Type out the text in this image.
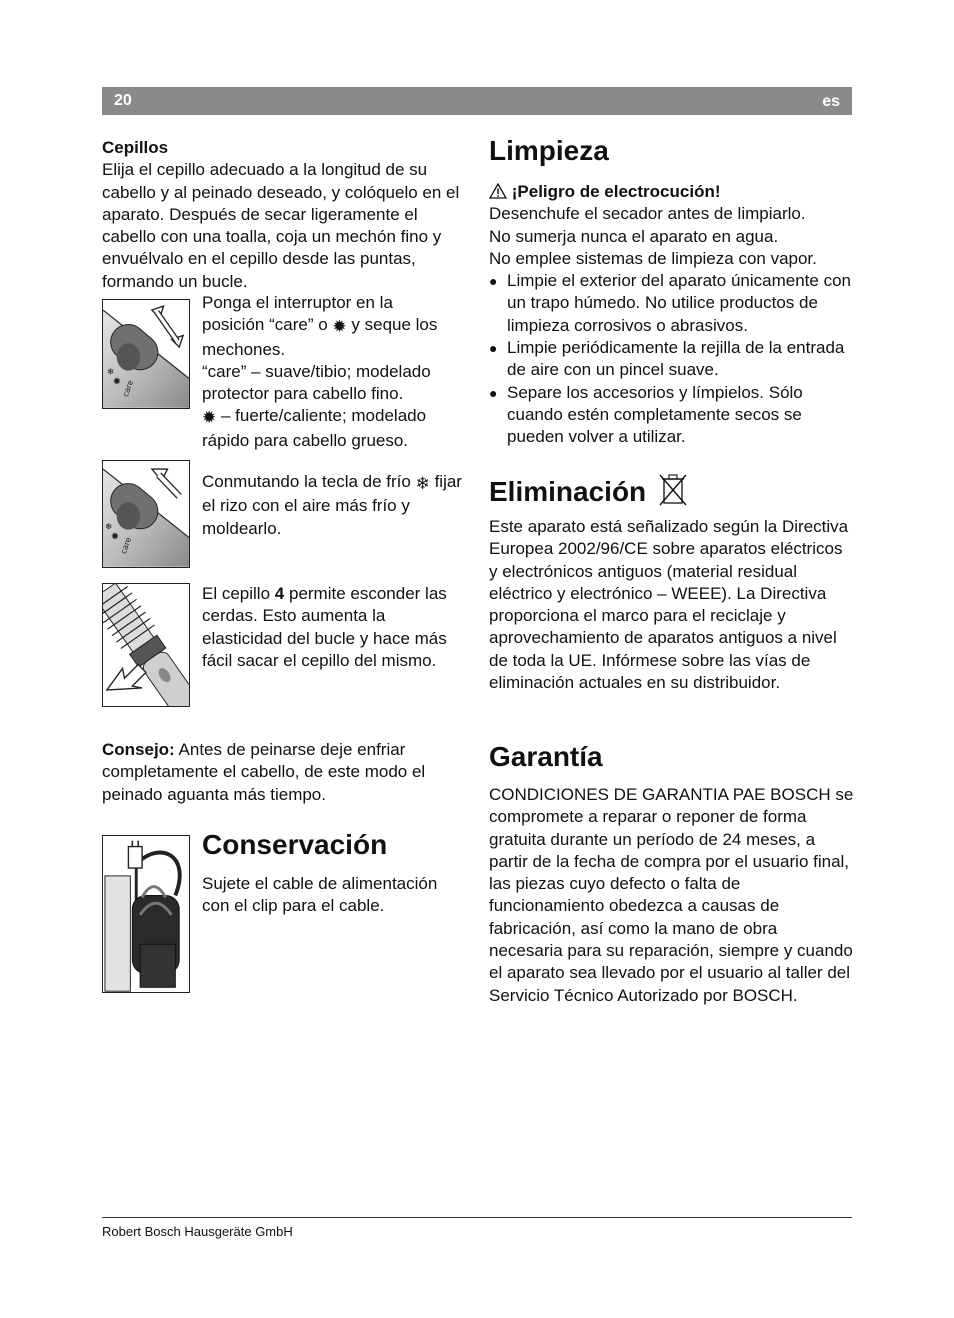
20	es
Cepillos
Elija el cepillo adecuado a la longitud de su cabello y al peinado deseado, y colóquelo en el aparato. Después de secar ligeramente el cabello con una toalla, coja un mechón fino y envuélvalo en el cepillo desde las puntas, formando un bucle.
❄
✹ care
Ponga el interruptor en la
posición “care” o ✹ y seque los
mechones.
“care” – suave/tibio; modelado protector para cabello fino.
✹ – fuerte/caliente; modelado rápido para cabello grueso.
❄
✹ care
Conmutando la tecla de frío ❄ fijar el rizo con el aire más frío y moldearlo.
El cepillo 4 permite esconder las cerdas. Esto aumenta la elasticidad del bucle y hace más fácil sacar el cepillo del mismo.
Consejo: Antes de peinarse deje enfriar completamente el cabello, de este modo el peinado aguanta más tiempo.
Conservación
Sujete el cable de alimentación con el clip para el cable.
Limpieza
¡Peligro de electrocución!
Desenchufe el secador antes de limpiarlo.
No sumerja nunca el aparato en agua.
No emplee sistemas de limpieza con vapor.
● Limpie el exterior del aparato únicamente con un trapo húmedo. No utilice productos de limpieza corrosivos o abrasivos.
● Limpie periódicamente la rejilla de la entrada de aire con un pincel suave.
● Separe los accesorios y límpielos. Sólo cuando estén completamente secos se pueden volver a utilizar.
Eliminación
Este aparato está señalizado según la Directiva Europea 2002/96/CE sobre aparatos eléctricos y electrónicos antiguos (material residual eléctrico y electrónico – WEEE). La Directiva proporciona el marco para el reciclaje y aprovechamiento de aparatos antiguos a nivel de toda la UE. Infórmese sobre las vías de eliminación actuales en su distribuidor.
Garantía
CONDICIONES DE GARANTIA PAE BOSCH se compromete a reparar o reponer de forma gratuita durante un período de 24 meses, a partir de la fecha de compra por el usuario final, las piezas cuyo defecto o falta de funcionamiento obedezca a causas de fabricación, así como la mano de obra necesaria para su reparación, siempre y cuando el aparato sea llevado por el usuario al taller del Servicio Técnico Autorizado por BOSCH.
Robert Bosch Hausgeräte GmbH
